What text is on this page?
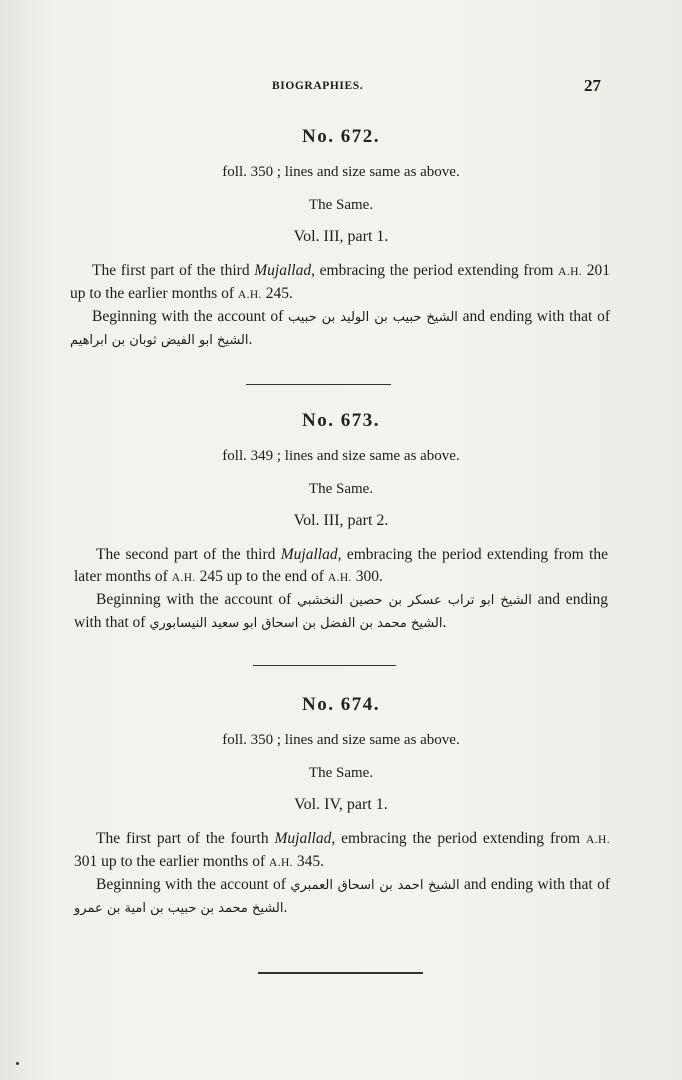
BIOGRAPHIES.	27
No. 672.
foll. 350 ; lines and size same as above.
The Same.
Vol. III, part 1.
The first part of the third Mujallad, embracing the period extending from A.H. 201 up to the earlier months of A.H. 245.
Beginning with the account of الشيخ حبيب بن الوليد بن حبيب and ending with that of الشيخ ابو الفيض ثوبان بن ابراهيم.
No. 673.
foll. 349 ; lines and size same as above.
The Same.
Vol. III, part 2.
The second part of the third Mujallad, embracing the period extending from the later months of A.H. 245 up to the end of A.H. 300.
Beginning with the account of الشيخ ابو تراب عسكر بن حصين النخشبي and ending with that of الشيخ محمد بن الفضل بن اسحاق ابو سعيد النيسابوري.
No. 674.
foll. 350 ; lines and size same as above.
The Same.
Vol. IV, part 1.
The first part of the fourth Mujallad, embracing the period extending from A.H. 301 up to the earlier months of A.H. 345.
Beginning with the account of الشيخ احمد بن اسحاق العمبري and ending with that of الشيخ محمد بن حبيب بن امية بن عمرو.
